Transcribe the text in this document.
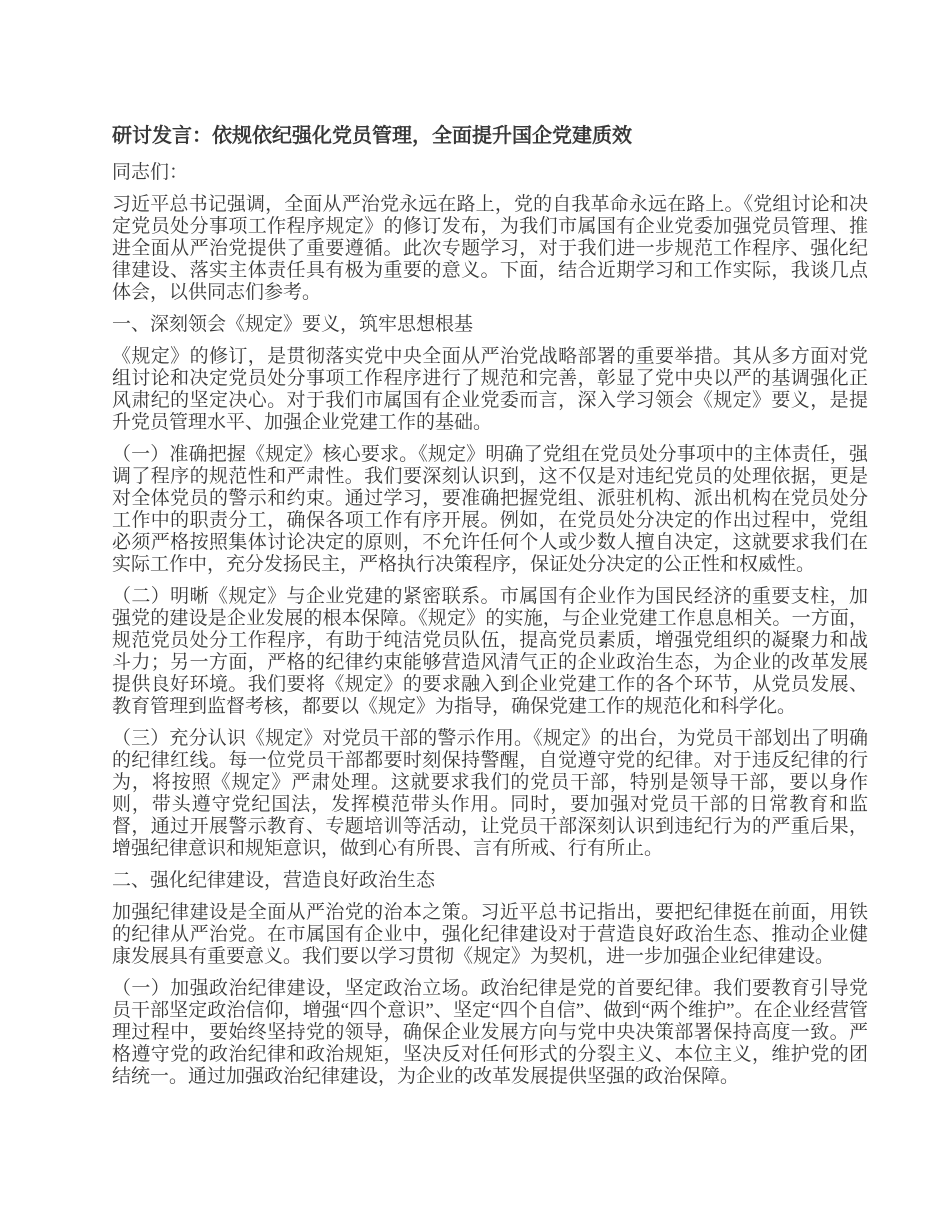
研讨发言：依规依纪强化党员管理，全面提升国企党建质效

同志们：

习近平总书记强调，全面从严治党永远在路上，党的自我革命永远在路上。《党组讨论和决定党员处分事项工作程序规定》的修订发布，为我们市属国有企业党委加强党员管理、推进全面从严治党提供了重要遵循。此次专题学习，对于我们进一步规范工作程序、强化纪律建设、落实主体责任具有极为重要的意义。下面，结合近期学习和工作实际，我谈几点体会，以供同志们参考。

一、深刻领会《规定》要义，筑牢思想根基

《规定》的修订，是贯彻落实党中央全面从严治党战略部署的重要举措。其从多方面对党组讨论和决定党员处分事项工作程序进行了规范和完善，彰显了党中央以严的基调强化正风肃纪的坚定决心。对于我们市属国有企业党委而言，深入学习领会《规定》要义，是提升党员管理水平、加强企业党建工作的基础。

（一）准确把握《规定》核心要求。《规定》明确了党组在党员处分事项中的主体责任，强调了程序的规范性和严肃性。我们要深刻认识到，这不仅是对违纪党员的处理依据，更是对全体党员的警示和约束。通过学习，要准确把握党组、派驻机构、派出机构在党员处分工作中的职责分工，确保各项工作有序开展。例如，在党员处分决定的作出过程中，党组必须严格按照集体讨论决定的原则，不允许任何个人或少数人擅自决定，这就要求我们在实际工作中，充分发扬民主，严格执行决策程序，保证处分决定的公正性和权威性。

（二）明晰《规定》与企业党建的紧密联系。市属国有企业作为国民经济的重要支柱，加强党的建设是企业发展的根本保障。《规定》的实施，与企业党建工作息息相关。一方面，规范党员处分工作程序，有助于纯洁党员队伍，提高党员素质，增强党组织的凝聚力和战斗力；另一方面，严格的纪律约束能够营造风清气正的企业政治生态，为企业的改革发展提供良好环境。我们要将《规定》的要求融入到企业党建工作的各个环节，从党员发展、教育管理到监督考核，都要以《规定》为指导，确保党建工作的规范化和科学化。

（三）充分认识《规定》对党员干部的警示作用。《规定》的出台，为党员干部划出了明确的纪律红线。每一位党员干部都要时刻保持警醒，自觉遵守党的纪律。对于违反纪律的行为，将按照《规定》严肃处理。这就要求我们的党员干部，特别是领导干部，要以身作则，带头遵守党纪国法，发挥模范带头作用。同时，要加强对党员干部的日常教育和监督，通过开展警示教育、专题培训等活动，让党员干部深刻认识到违纪行为的严重后果，增强纪律意识和规矩意识，做到心有所畏、言有所戒、行有所止。

二、强化纪律建设，营造良好政治生态

加强纪律建设是全面从严治党的治本之策。习近平总书记指出，要把纪律挺在前面，用铁的纪律从严治党。在市属国有企业中，强化纪律建设对于营造良好政治生态、推动企业健康发展具有重要意义。我们要以学习贯彻《规定》为契机，进一步加强企业纪律建设。

（一）加强政治纪律建设，坚定政治立场。政治纪律是党的首要纪律。我们要教育引导党员干部坚定政治信仰，增强“四个意识”、坚定“四个自信”、做到“两个维护”。在企业经营管理过程中，要始终坚持党的领导，确保企业发展方向与党中央决策部署保持高度一致。严格遵守党的政治纪律和政治规矩，坚决反对任何形式的分裂主义、本位主义，维护党的团结统一。通过加强政治纪律建设，为企业的改革发展提供坚强的政治保障。
